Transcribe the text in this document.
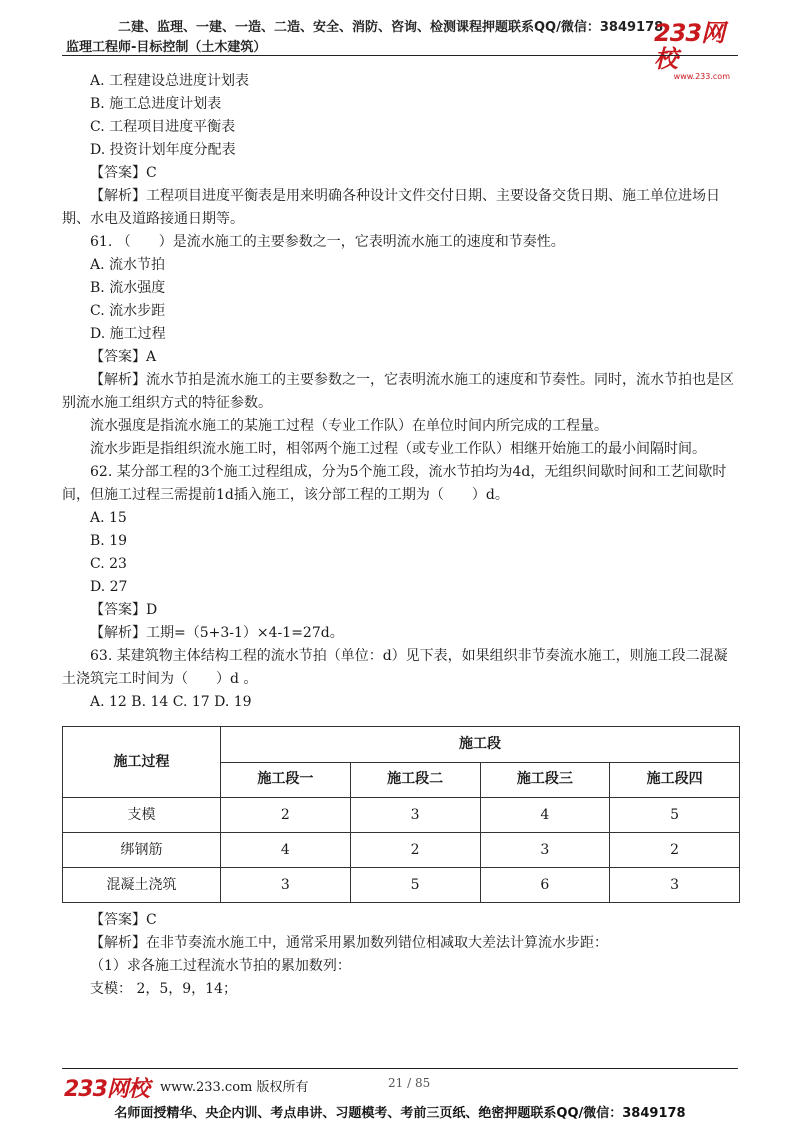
二建、监理、一建、一造、二造、安全、消防、咨询、检测课程押题联系QQ/微信：3849178
监理工程师-目标控制（土木建筑）
233网校
www.233.com

A. 工程建设总进度计划表

B. 施工总进度计划表

C. 工程项目进度平衡表

D. 投资计划年度分配表

【答案】C

【解析】工程项目进度平衡表是用来明确各种设计文件交付日期、主要设备交货日期、施工单位进场日期、水电及道路接通日期等。

61. （　　）是流水施工的主要参数之一，它表明流水施工的速度和节奏性。

A. 流水节拍

B. 流水强度

C. 流水步距

D. 施工过程

【答案】A

【解析】流水节拍是流水施工的主要参数之一，它表明流水施工的速度和节奏性。同时，流水节拍也是区别流水施工组织方式的特征参数。

流水强度是指流水施工的某施工过程（专业工作队）在单位时间内所完成的工程量。

流水步距是指组织流水施工时，相邻两个施工过程（或专业工作队）相继开始施工的最小间隔时间。

62. 某分部工程的3个施工过程组成，分为5个施工段，流水节拍均为4d，无组织间歇时间和工艺间歇时间，但施工过程三需提前1d插入施工，该分部工程的工期为（　　）d。

A. 15

B. 19

C. 23

D. 27

【答案】D

【解析】工期=（5+3-1）×4-1=27d。

63. 某建筑物主体结构工程的流水节拍（单位：d）见下表，如果组织非节奏流水施工，则施工段二混凝土浇筑完工时间为（　　）d 。

A. 12 B. 14 C. 17 D. 19

施工过程	施工段			
	施工段一	施工段二	施工段三	施工段四
支模	2	3	4	5
绑钢筋	4	2	3	2
混凝土浇筑	3	5	6	3

【答案】C

【解析】在非节奏流水施工中，通常采用累加数列错位相减取大差法计算流水步距：

（1）求各施工过程流水节拍的累加数列：

支模： 2，5，9，14；

233网校 www.233.com 版权所有	21 / 85
名师面授精华、央企内训、考点串讲、习题模考、考前三页纸、绝密押题联系QQ/微信：3849178
